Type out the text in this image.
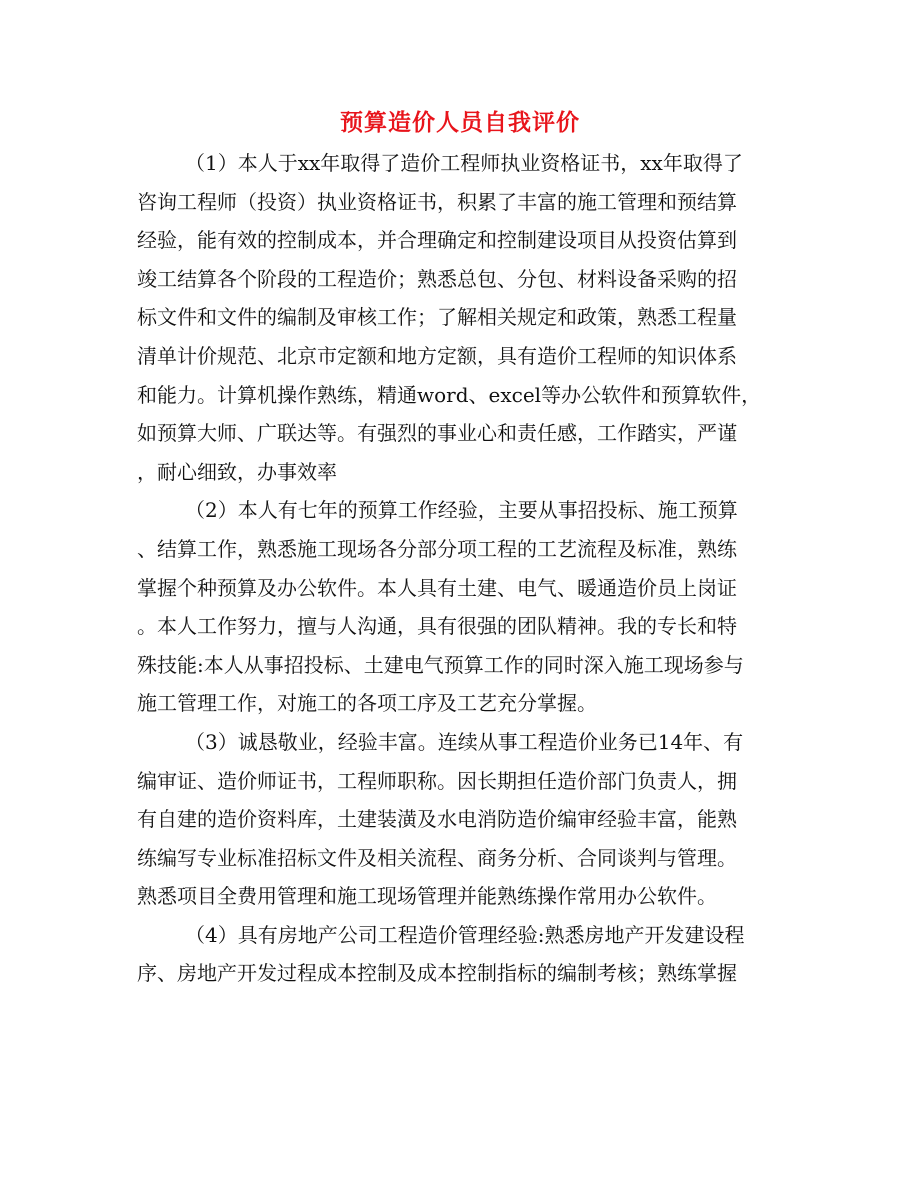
预算造价人员自我评价
（1）本人于xx年取得了造价工程师执业资格证书，xx年取得了
咨询工程师（投资）执业资格证书，积累了丰富的施工管理和预结算
经验，能有效的控制成本，并合理确定和控制建设项目从投资估算到
竣工结算各个阶段的工程造价；熟悉总包、分包、材料设备采购的招
标文件和文件的编制及审核工作；了解相关规定和政策，熟悉工程量
清单计价规范、北京市定额和地方定额，具有造价工程师的知识体系
和能力。计算机操作熟练，精通word、excel等办公软件和预算软件，
如预算大师、广联达等。有强烈的事业心和责任感，工作踏实，严谨
，耐心细致，办事效率
（2）本人有七年的预算工作经验，主要从事招投标、施工预算
、结算工作，熟悉施工现场各分部分项工程的工艺流程及标准，熟练
掌握个种预算及办公软件。本人具有土建、电气、暖通造价员上岗证
。本人工作努力，擅与人沟通，具有很强的团队精神。我的专长和特
殊技能:本人从事招投标、土建电气预算工作的同时深入施工现场参与
施工管理工作，对施工的各项工序及工艺充分掌握。
（3）诚恳敬业，经验丰富。连续从事工程造价业务已14年、有
编审证、造价师证书，工程师职称。因长期担任造价部门负责人，拥
有自建的造价资料库，土建装潢及水电消防造价编审经验丰富，能熟
练编写专业标准招标文件及相关流程、商务分析、合同谈判与管理。
熟悉项目全费用管理和施工现场管理并能熟练操作常用办公软件。
（4）具有房地产公司工程造价管理经验:熟悉房地产开发建设程
序、房地产开发过程成本控制及成本控制指标的编制考核；熟练掌握
